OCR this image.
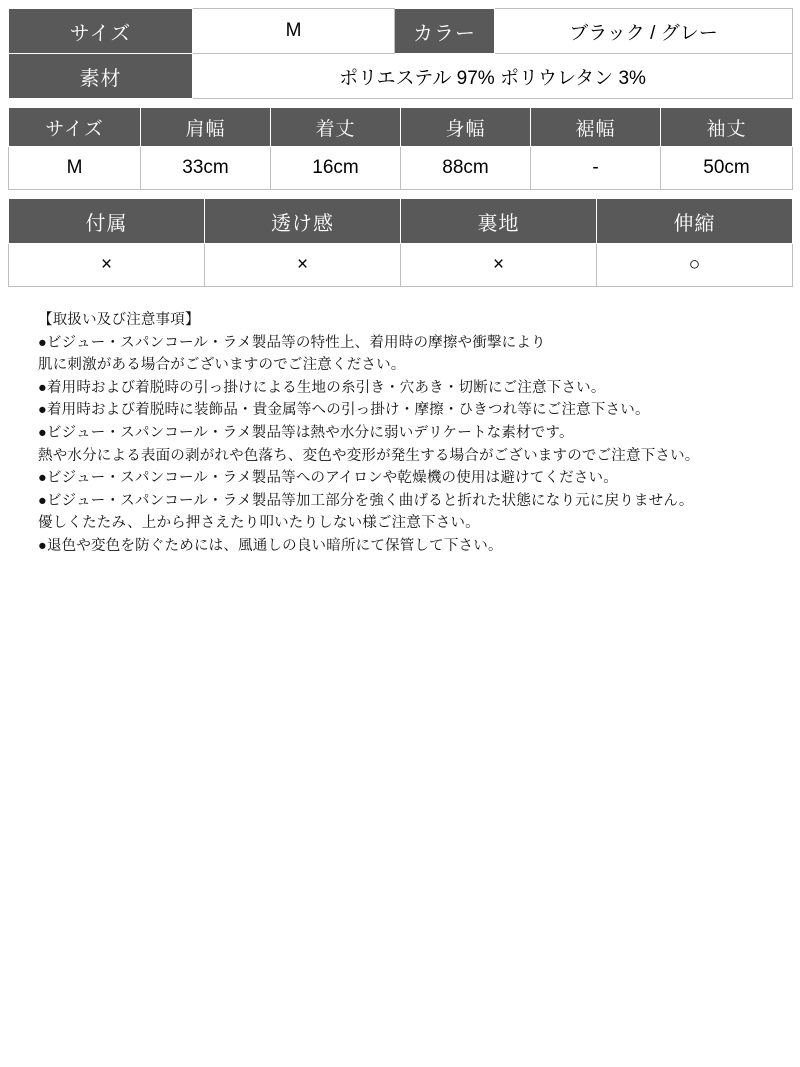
サイズ	M	カラー	ブラック / グレー
素材	ポリエステル 97% ポリウレタン 3%		
サイズ	肩幅	着丈	身幅	裾幅	袖丈
M	33cm	16cm	88cm	-	50cm
付属	透け感	裏地	伸縮
×	×	×	○
【取扱い及び注意事項】
●ビジュー・スパンコール・ラメ製品等の特性上、着用時の摩擦や衝撃により
肌に刺激がある場合がございますのでご注意ください。
●着用時および着脱時の引っ掛けによる生地の糸引き・穴あき・切断にご注意下さい。
●着用時および着脱時に装飾品・貴金属等への引っ掛け・摩擦・ひきつれ等にご注意下さい。
●ビジュー・スパンコール・ラメ製品等は熱や水分に弱いデリケートな素材です。
熱や水分による表面の剥がれや色落ち、変色や変形が発生する場合がございますのでご注意下さい。
●ビジュー・スパンコール・ラメ製品等へのアイロンや乾燥機の使用は避けてください。
●ビジュー・スパンコール・ラメ製品等加工部分を強く曲げると折れた状態になり元に戻りません。
優しくたたみ、上から押さえたり叩いたりしない様ご注意下さい。
●退色や変色を防ぐためには、風通しの良い暗所にて保管して下さい。
